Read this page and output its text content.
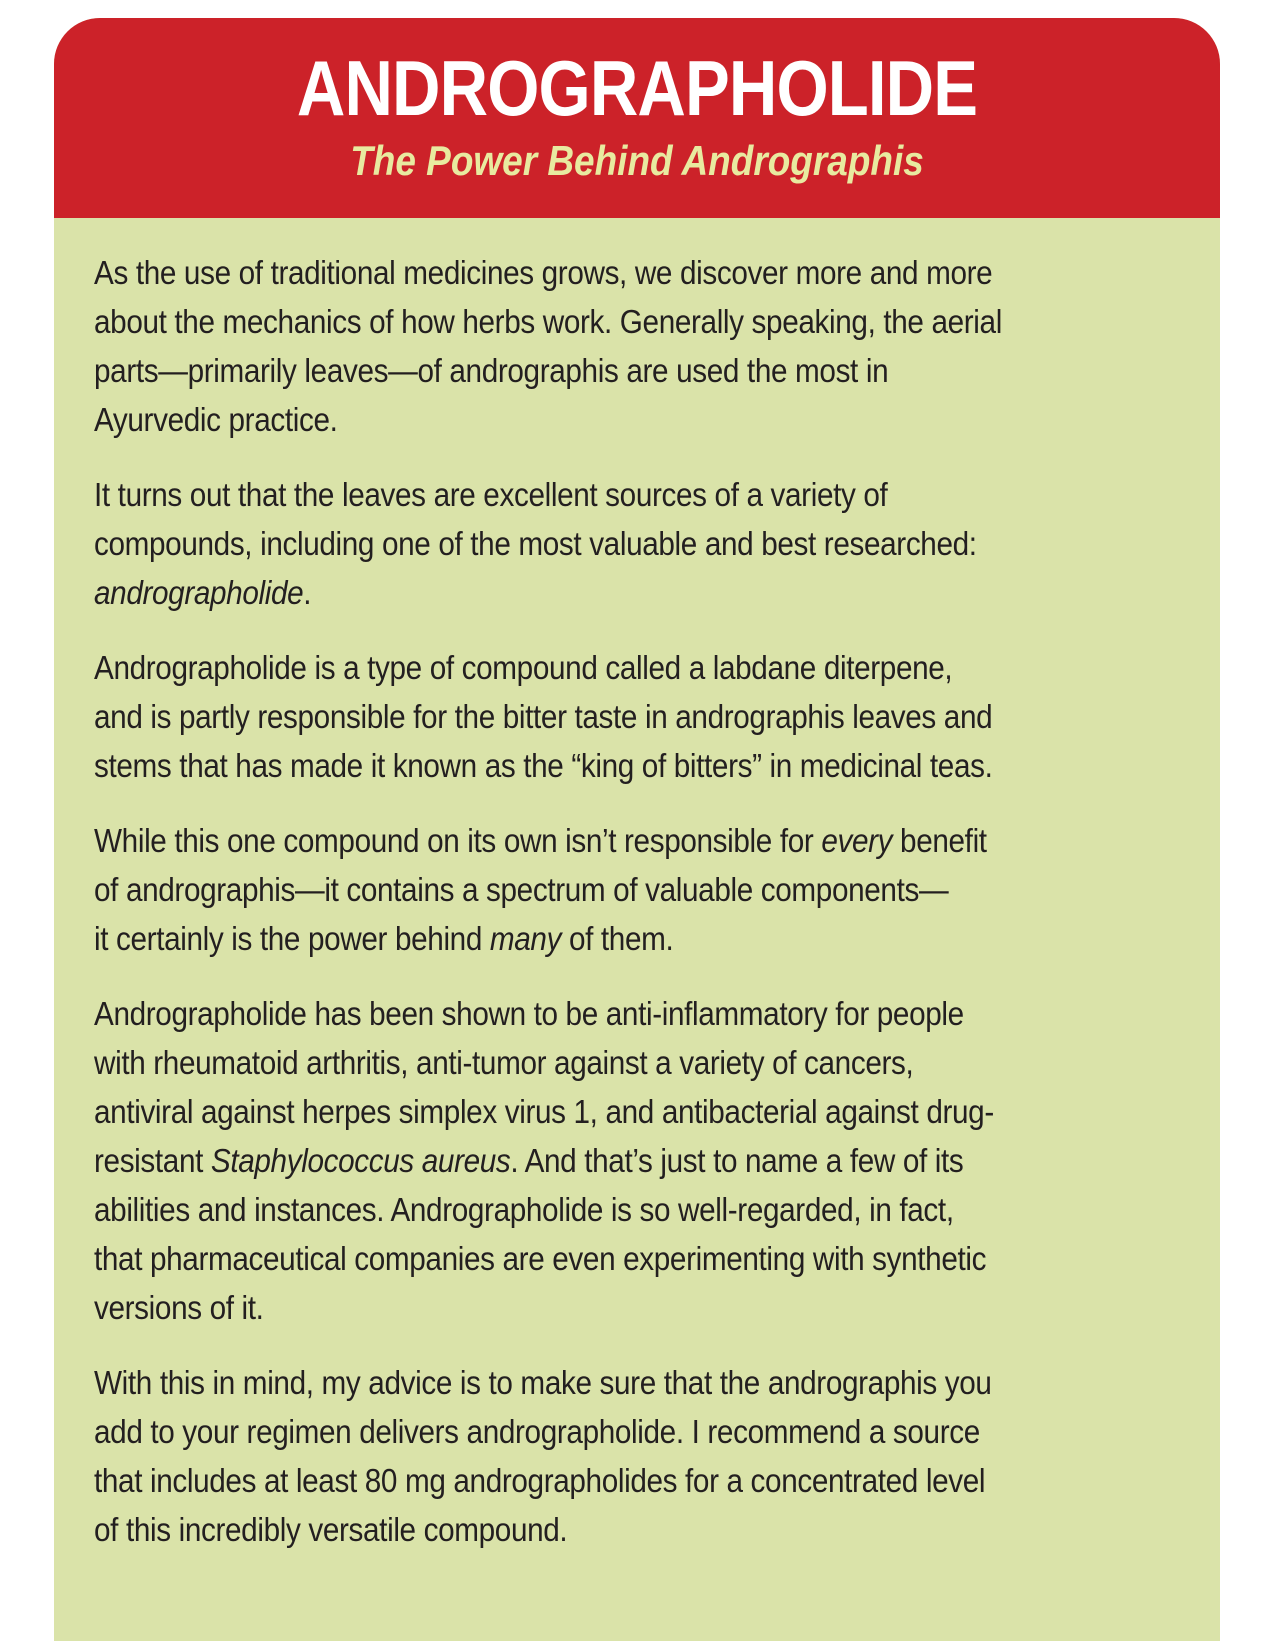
ANDROGRAPHOLIDE
The Power Behind Andrographis

As the use of traditional medicines grows, we discover more and more
about the mechanics of how herbs work. Generally speaking, the aerial
parts—primarily leaves—of andrographis are used the most in
Ayurvedic practice.

It turns out that the leaves are excellent sources of a variety of
compounds, including one of the most valuable and best researched:
andrographolide.

Andrographolide is a type of compound called a labdane diterpene,
and is partly responsible for the bitter taste in andrographis leaves and
stems that has made it known as the “king of bitters” in medicinal teas.

While this one compound on its own isn’t responsible for every benefit
of andrographis—it contains a spectrum of valuable components—
it certainly is the power behind many of them.

Andrographolide has been shown to be anti-inflammatory for people
with rheumatoid arthritis, anti-tumor against a variety of cancers,
antiviral against herpes simplex virus 1, and antibacterial against drug-
resistant Staphylococcus aureus. And that’s just to name a few of its
abilities and instances. Andrographolide is so well-regarded, in fact,
that pharmaceutical companies are even experimenting with synthetic
versions of it.

With this in mind, my advice is to make sure that the andrographis you
add to your regimen delivers andrographolide. I recommend a source
that includes at least 80 mg andrographolides for a concentrated level
of this incredibly versatile compound.
